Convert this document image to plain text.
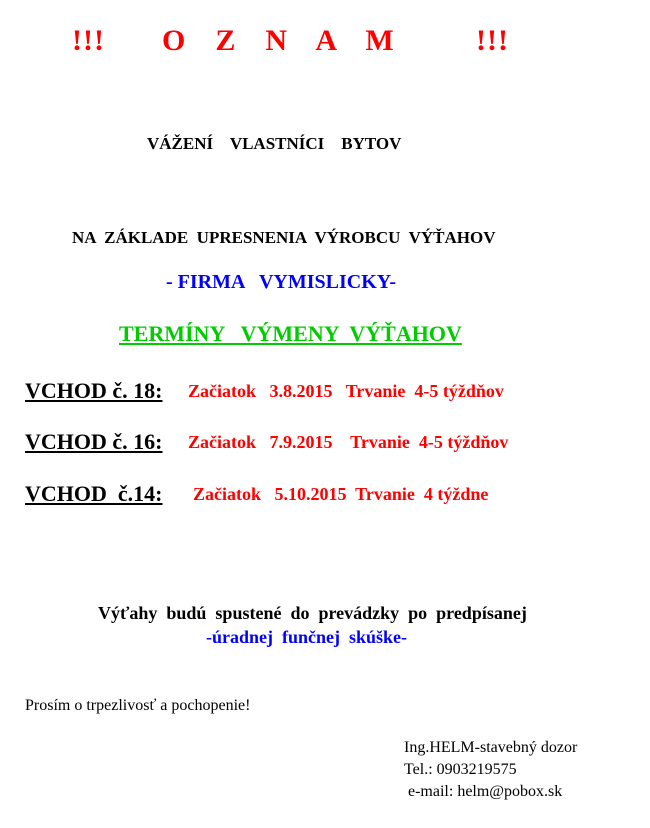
!!! O  Z  N  A  M	!!!
VÁŽENÍ    VLASTNÍCI    BYTOV
NA  ZÁKLADE  UPRESNENIA  VÝROBCU  VÝŤAHOV
- FIRMA   VYMISLICKY-
TERMÍNY   VÝMENY  VÝŤAHOV
VCHOD č. 18: Začiatok   3.8.2015   Trvanie  4-5 týždňov
VCHOD č. 16: Začiatok   7.9.2015    Trvanie  4-5 týždňov
VCHOD  č.14: Začiatok   5.10.2015  Trvanie  4 týždne
Výťahy  budú  spustené  do  prevádzky  po  predpísanej
-úradnej  funčnej  skúške-
Prosím o trpezlivosť a pochopenie!
Ing.HELM-stavebný dozor
Tel.: 0903219575
e-mail: helm@pobox.sk
